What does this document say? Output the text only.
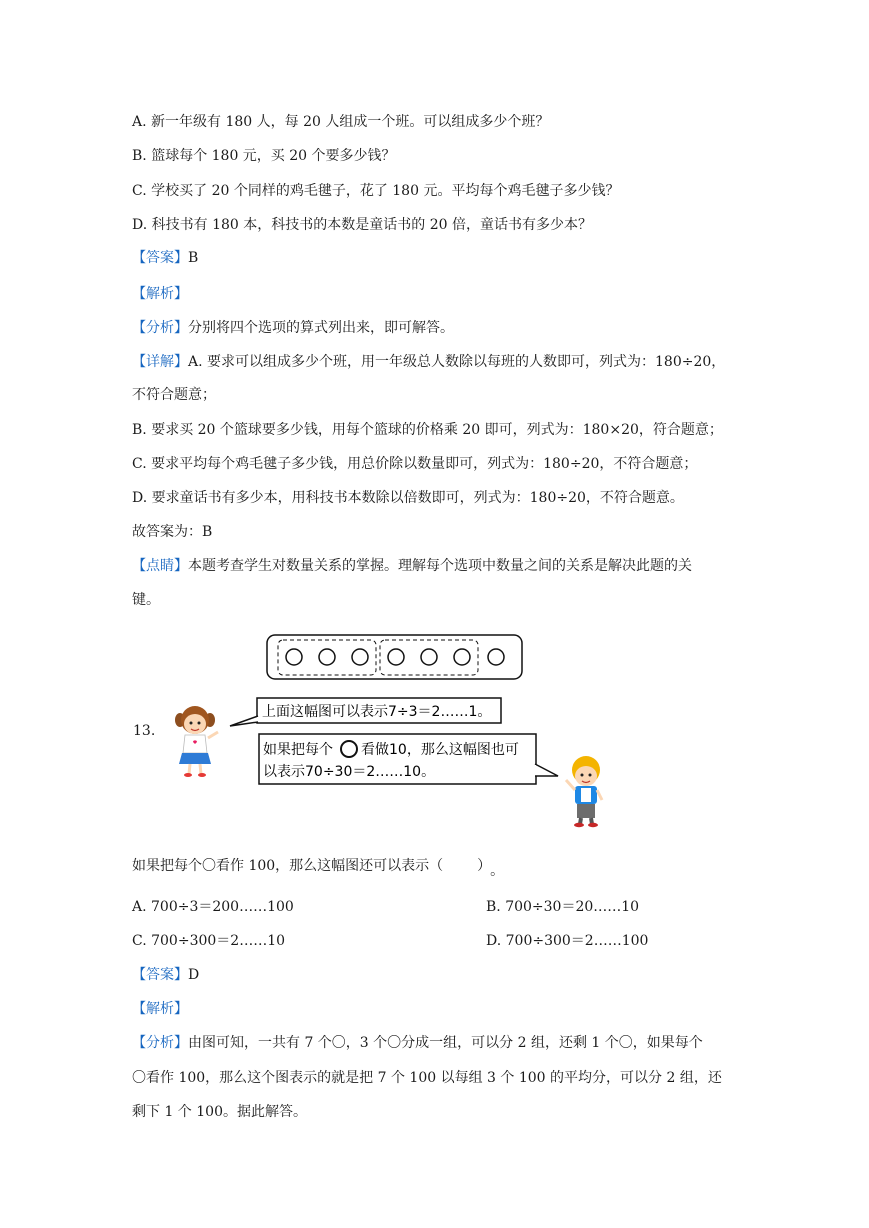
A. 新一年级有 180 人，每 20 人组成一个班。可以组成多少个班？
B. 篮球每个 180 元，买 20 个要多少钱？
C. 学校买了 20 个同样的鸡毛毽子，花了 180 元。平均每个鸡毛毽子多少钱？
D. 科技书有 180 本，科技书的本数是童话书的 20 倍，童话书有多少本？
【答案】B
【解析】
【分析】分别将四个选项的算式列出来，即可解答。
【详解】A. 要求可以组成多少个班，用一年级总人数除以每班的人数即可，列式为：180÷20，
不符合题意；
B. 要求买 20 个篮球要多少钱，用每个篮球的价格乘 20 即可，列式为：180×20，符合题意；
C. 要求平均每个鸡毛毽子多少钱，用总价除以数量即可，列式为：180÷20，不符合题意；
D. 要求童话书有多少本，用科技书本数除以倍数即可，列式为：180÷20，不符合题意。
故答案为：B
【点睛】本题考查学生对数量关系的掌握。理解每个选项中数量之间的关系是解决此题的关
键。
13.
上面这幅图可以表示7÷3＝2……1。
如果把每个 看做10，那么这幅图也可
以表示70÷30＝2……10。
如果把每个〇看作 100，那么这幅图还可以表示（ ） 。
A. 700÷3＝200……100	B. 700÷30＝20……10
C. 700÷300＝2……10	D. 700÷300＝2……100
【答案】D
【解析】
【分析】由图可知，一共有 7 个〇，3 个〇分成一组，可以分 2 组，还剩 1 个〇，如果每个
〇看作 100，那么这个图表示的就是把 7 个 100 以每组 3 个 100 的平均分，可以分 2 组，还
剩下 1 个 100。据此解答。
